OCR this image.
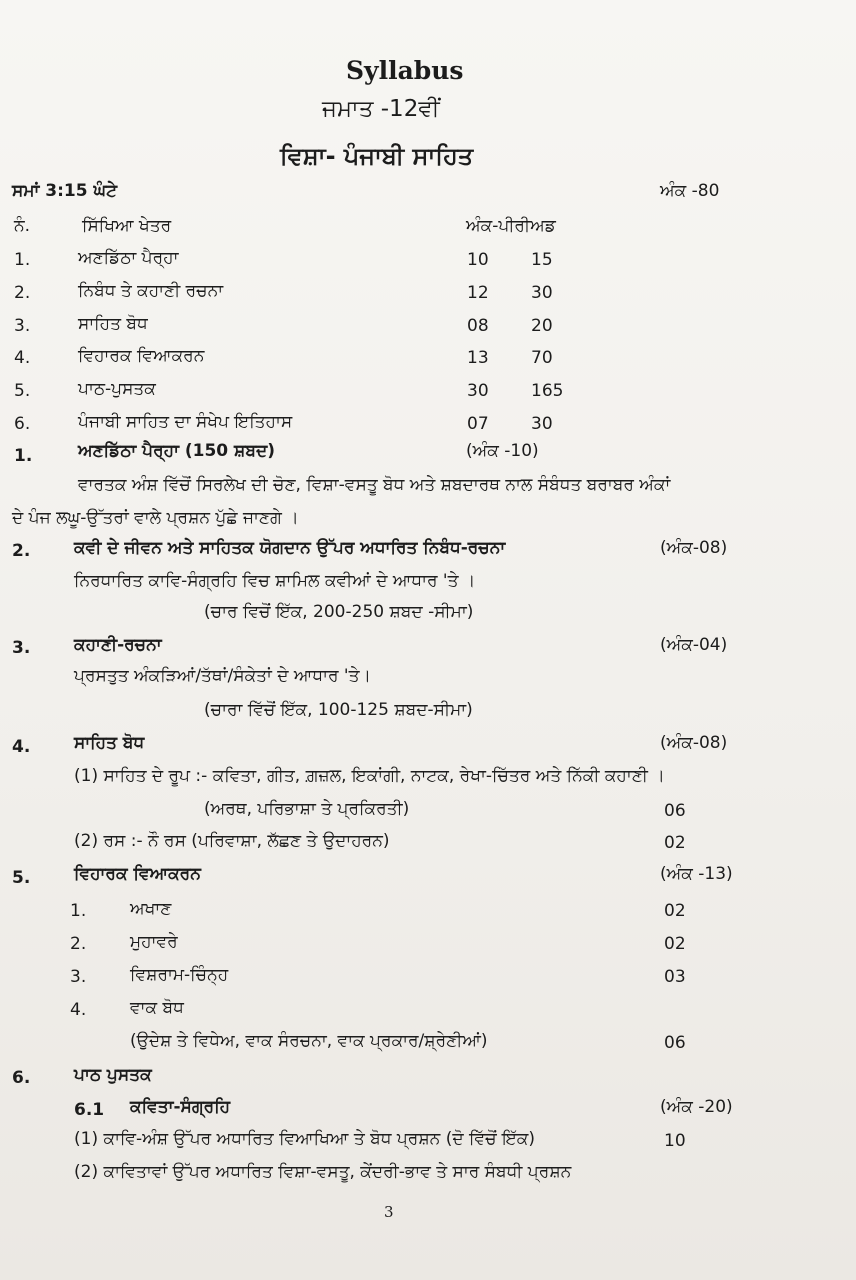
Syllabus
ਜਮਾਤ -12ਵੀਂ
ਵਿਸ਼ਾ- ਪੰਜਾਬੀ ਸਾਹਿਤ
ਸਮਾਂ 3:15 ਘੰਟੇ	ਅੰਕ -80
ਨੰ.	ਸਿੱਖਿਆ ਖੇਤਰ	ਅੰਕ-ਪੀਰੀਅਡ
1.	ਅਣਡਿੱਠਾ ਪੈਰ੍ਹਾ	10 15
2.	ਨਿਬੰਧ ਤੇ ਕਹਾਣੀ ਰਚਨਾ	12 30
3.	ਸਾਹਿਤ ਬੋਧ	08 20
4.	ਵਿਹਾਰਕ ਵਿਆਕਰਨ	13 70
5.	ਪਾਠ-ਪੁਸਤਕ	30 165
6.	ਪੰਜਾਬੀ ਸਾਹਿਤ ਦਾ ਸੰਖੇਪ ਇਤਿਹਾਸ	07 30
1.	ਅਣਡਿੱਠਾ ਪੈਰ੍ਹਾ (150 ਸ਼ਬਦ)	(ਅੰਕ -10)
ਵਾਰਤਕ ਅੰਸ਼ ਵਿੱਚੋਂ ਸਿਰਲੇਖ ਦੀ ਚੋਣ, ਵਿਸ਼ਾ-ਵਸਤੂ ਬੋਧ ਅਤੇ ਸ਼ਬਦਾਰਥ ਨਾਲ ਸੰਬੰਧਤ ਬਰਾਬਰ ਅੰਕਾਂ
ਦੇ ਪੰਜ ਲਘੂ-ਉੱਤਰਾਂ ਵਾਲੇ ਪ੍ਰਸ਼ਨ ਪੁੱਛੇ ਜਾਣਗੇ ।
2.	ਕਵੀ ਦੇ ਜੀਵਨ ਅਤੇ ਸਾਹਿਤਕ ਯੋਗਦਾਨ ਉੱਪਰ ਅਧਾਰਿਤ ਨਿਬੰਧ-ਰਚਨਾ	(ਅੰਕ-08)
ਨਿਰਧਾਰਿਤ ਕਾਵਿ-ਸੰਗ੍ਰਹਿ ਵਿਚ ਸ਼ਾਮਿਲ ਕਵੀਆਂ ਦੇ ਆਧਾਰ 'ਤੇ ।
(ਚਾਰ ਵਿਚੋਂ ਇੱਕ, 200-250 ਸ਼ਬਦ -ਸੀਮਾ)
3.	ਕਹਾਣੀ-ਰਚਨਾ	(ਅੰਕ-04)
ਪ੍ਰਸਤੁਤ ਅੰਕੜਿਆਂ/ਤੱਥਾਂ/ਸੰਕੇਤਾਂ ਦੇ ਆਧਾਰ 'ਤੇ।
(ਚਾਰਾ ਵਿੱਚੋਂ ਇੱਕ, 100-125 ਸ਼ਬਦ-ਸੀਮਾ)
4.	ਸਾਹਿਤ ਬੋਧ	(ਅੰਕ-08)
(1) ਸਾਹਿਤ ਦੇ ਰੂਪ :- ਕਵਿਤਾ, ਗੀਤ, ਗ਼ਜ਼ਲ, ਇਕਾਂਗੀ, ਨਾਟਕ, ਰੇਖਾ-ਚਿੱਤਰ ਅਤੇ ਨਿੱਕੀ ਕਹਾਣੀ ।
(ਅਰਥ, ਪਰਿਭਾਸ਼ਾ ਤੇ ਪ੍ਰਕਿਰਤੀ)	06
(2) ਰਸ :- ਨੌ ਰਸ (ਪਰਿਵਾਸ਼ਾ, ਲੱਛਣ ਤੇ ਉਦਾਹਰਨ)	02
5.	ਵਿਹਾਰਕ ਵਿਆਕਰਨ	(ਅੰਕ -13)
1.	ਅਖਾਣ	02
2.	ਮੁਹਾਵਰੇ	02
3.	ਵਿਸ਼ਰਾਮ-ਚਿੰਨ੍ਹ	03
4.	ਵਾਕ ਬੋਧ
(ਉਦੇਸ਼ ਤੇ ਵਿਧੇਅ, ਵਾਕ ਸੰਰਚਨਾ, ਵਾਕ ਪ੍ਰਕਾਰ/ਸ਼੍ਰੇਣੀਆਂ)	06
6.	ਪਾਠ ਪੁਸਤਕ
6.1 ਕਵਿਤਾ-ਸੰਗ੍ਰਹਿ	(ਅੰਕ -20)
(1) ਕਾਵਿ-ਅੰਸ਼ ਉੱਪਰ ਅਧਾਰਿਤ ਵਿਆਖਿਆ ਤੇ ਬੋਧ ਪ੍ਰਸ਼ਨ (ਦੋ ਵਿੱਚੋਂ ਇੱਕ)	10
(2) ਕਾਵਿਤਾਵਾਂ ਉੱਪਰ ਅਧਾਰਿਤ ਵਿਸ਼ਾ-ਵਸਤੂ, ਕੇਂਦਰੀ-ਭਾਵ ਤੇ ਸਾਰ ਸੰਬਧੀ ਪ੍ਰਸ਼ਨ
3
